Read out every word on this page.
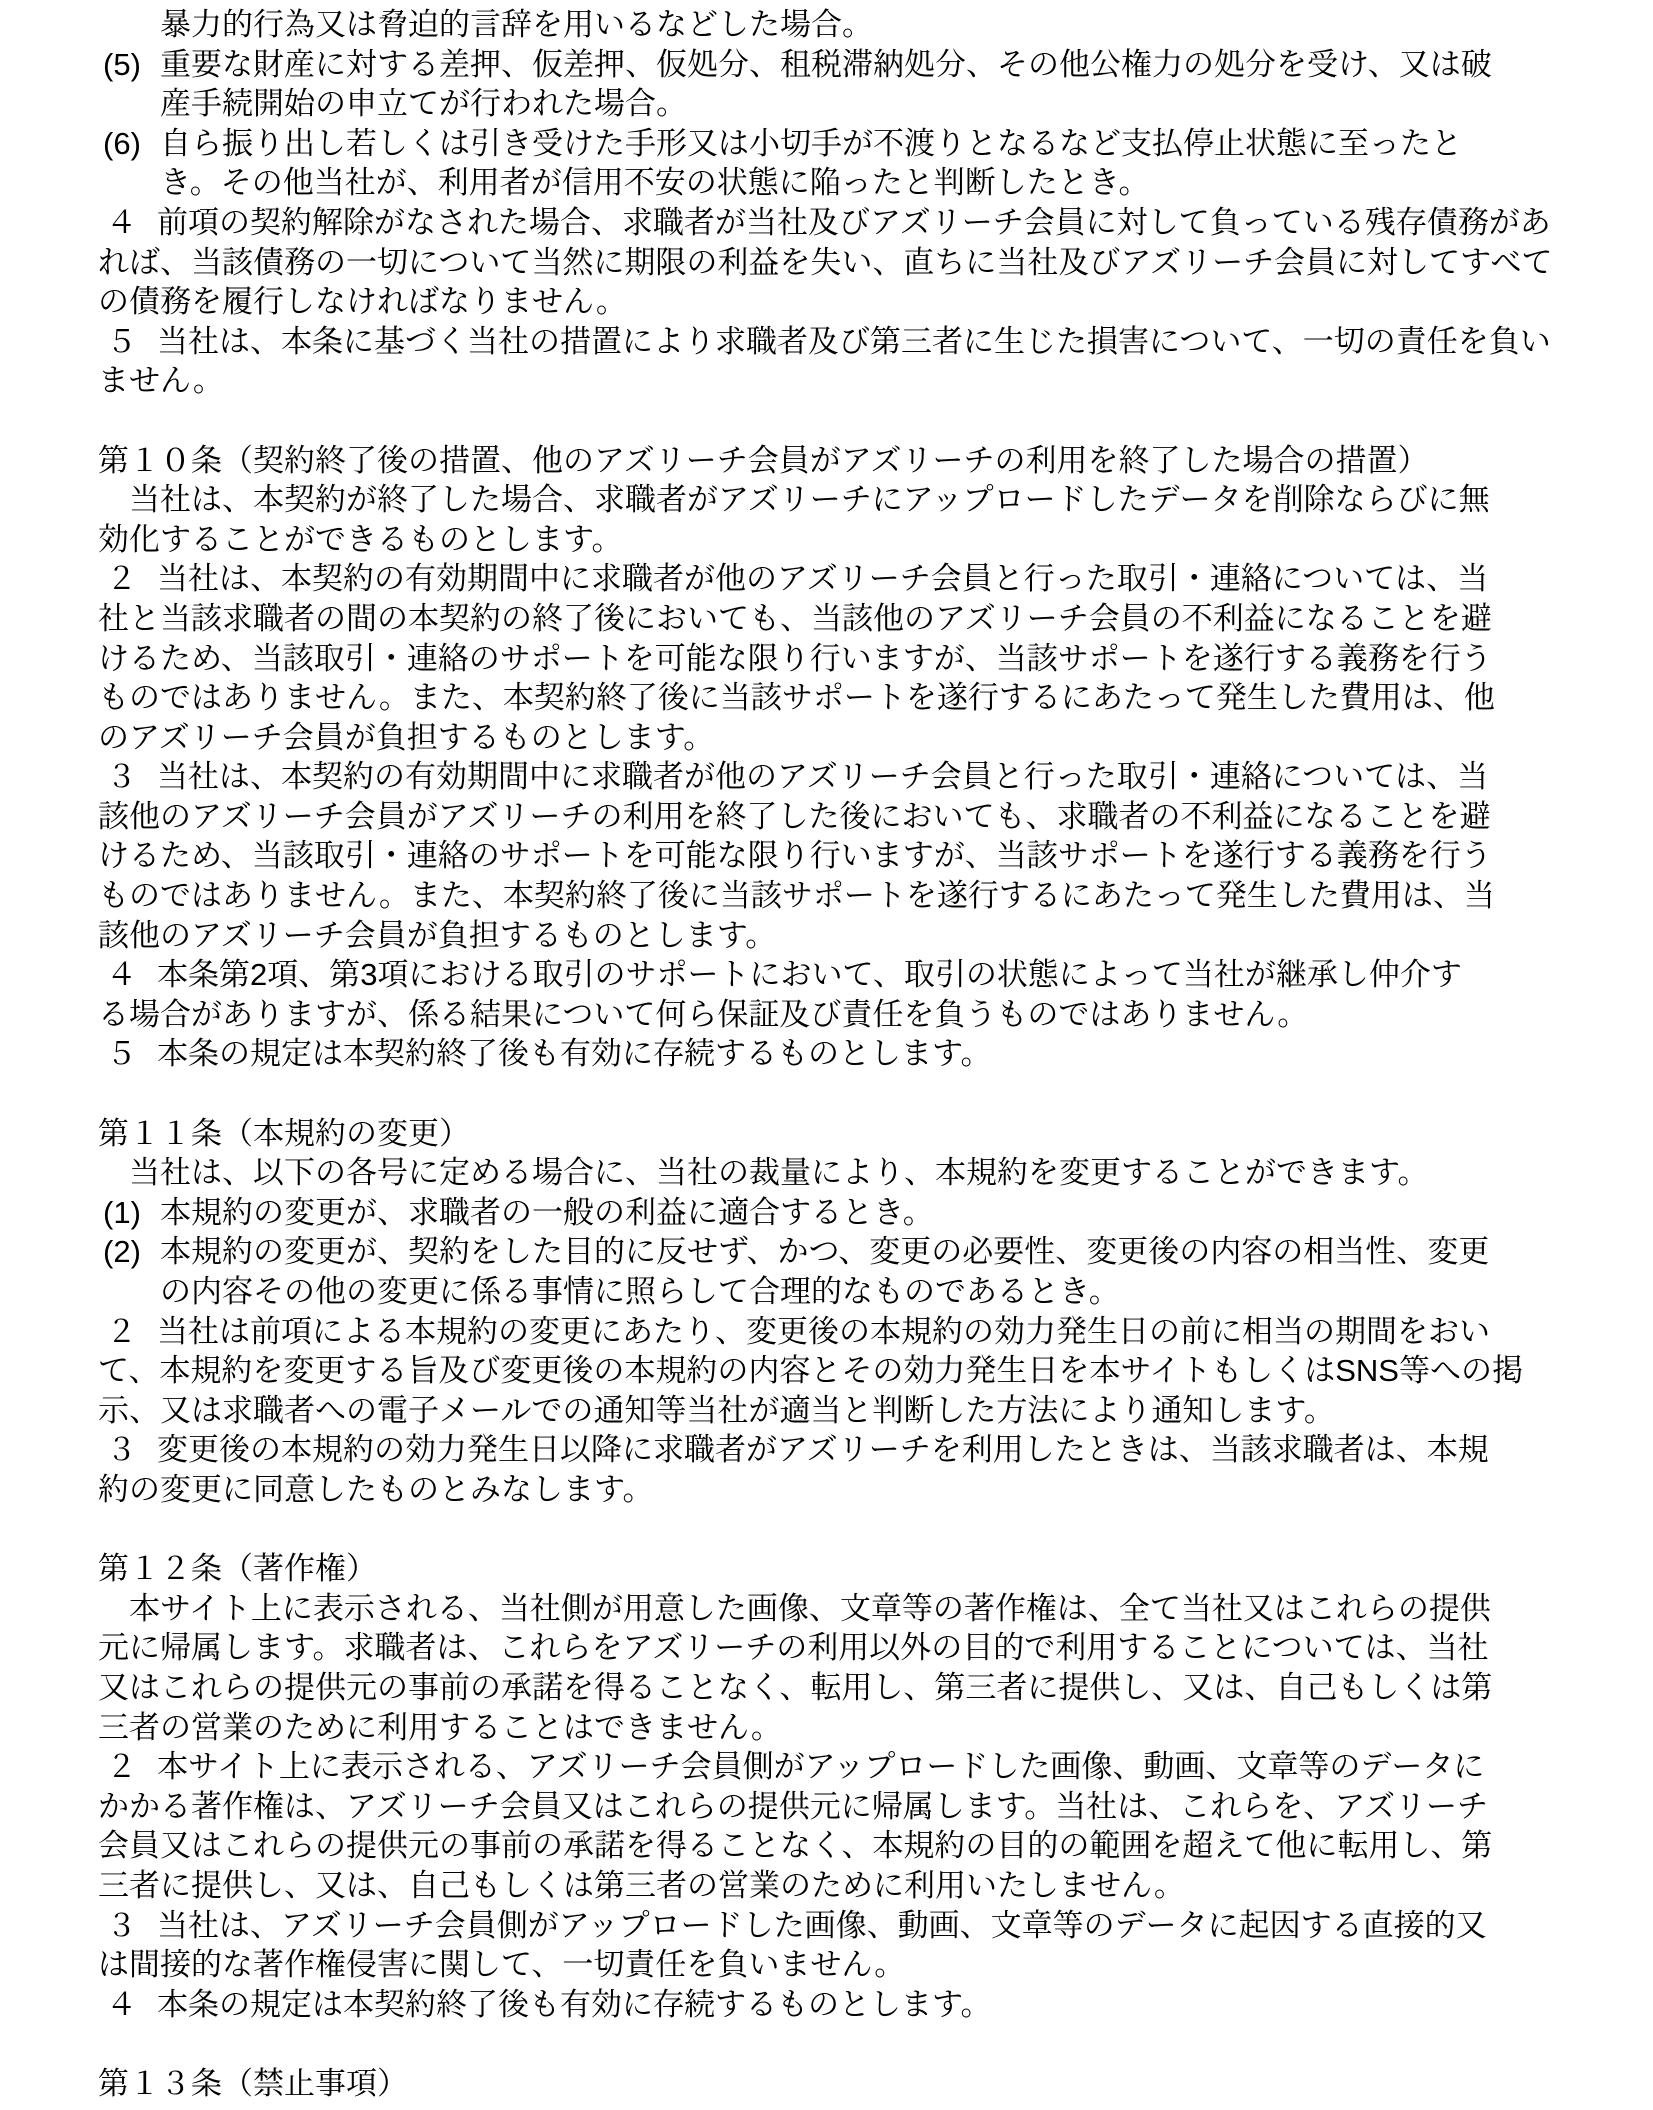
暴力的行為又は脅迫的言辞を用いるなどした場合。
(5) 重要な財産に対する差押、仮差押、仮処分、租税滞納処分、その他公権力の処分を受け、又は破
産手続開始の申立てが行われた場合。
(6) 自ら振り出し若しくは引き受けた手形又は小切手が不渡りとなるなど支払停止状態に至ったと
き。その他当社が、利用者が信用不安の状態に陥ったと判断したとき。
４ 前項の契約解除がなされた場合、求職者が当社及びアズリーチ会員に対して負っている残存債務があ
れば、当該債務の一切について当然に期限の利益を失い、直ちに当社及びアズリーチ会員に対してすべて
の債務を履行しなければなりません。
５ 当社は、本条に基づく当社の措置により求職者及び第三者に生じた損害について、一切の責任を負い
ません。
第１０条（契約終了後の措置、他のアズリーチ会員がアズリーチの利用を終了した場合の措置）
　当社は、本契約が終了した場合、求職者がアズリーチにアップロードしたデータを削除ならびに無
効化することができるものとします。
２ 当社は、本契約の有効期間中に求職者が他のアズリーチ会員と行った取引・連絡については、当
社と当該求職者の間の本契約の終了後においても、当該他のアズリーチ会員の不利益になることを避
けるため、当該取引・連絡のサポートを可能な限り行いますが、当該サポートを遂行する義務を行う
ものではありません。また、本契約終了後に当該サポートを遂行するにあたって発生した費用は、他
のアズリーチ会員が負担するものとします。
３ 当社は、本契約の有効期間中に求職者が他のアズリーチ会員と行った取引・連絡については、当
該他のアズリーチ会員がアズリーチの利用を終了した後においても、求職者の不利益になることを避
けるため、当該取引・連絡のサポートを可能な限り行いますが、当該サポートを遂行する義務を行う
ものではありません。また、本契約終了後に当該サポートを遂行するにあたって発生した費用は、当
該他のアズリーチ会員が負担するものとします。
４ 本条第2項、第3項における取引のサポートにおいて、取引の状態によって当社が継承し仲介す
る場合がありますが、係る結果について何ら保証及び責任を負うものではありません。
５ 本条の規定は本契約終了後も有効に存続するものとします。
第１１条（本規約の変更）
　当社は、以下の各号に定める場合に、当社の裁量により、本規約を変更することができます。
(1) 本規約の変更が、求職者の一般の利益に適合するとき。
(2) 本規約の変更が、契約をした目的に反せず、かつ、変更の必要性、変更後の内容の相当性、変更
の内容その他の変更に係る事情に照らして合理的なものであるとき。
２ 当社は前項による本規約の変更にあたり、変更後の本規約の効力発生日の前に相当の期間をおい
て、本規約を変更する旨及び変更後の本規約の内容とその効力発生日を本サイトもしくはSNS等への掲
示、又は求職者への電子メールでの通知等当社が適当と判断した方法により通知します。
３ 変更後の本規約の効力発生日以降に求職者がアズリーチを利用したときは、当該求職者は、本規
約の変更に同意したものとみなします。
第１２条（著作権）
　本サイト上に表示される、当社側が用意した画像、文章等の著作権は、全て当社又はこれらの提供
元に帰属します。求職者は、これらをアズリーチの利用以外の目的で利用することについては、当社
又はこれらの提供元の事前の承諾を得ることなく、転用し、第三者に提供し、又は、自己もしくは第
三者の営業のために利用することはできません。
２ 本サイト上に表示される、アズリーチ会員側がアップロードした画像、動画、文章等のデータに
かかる著作権は、アズリーチ会員又はこれらの提供元に帰属します。当社は、これらを、アズリーチ
会員又はこれらの提供元の事前の承諾を得ることなく、本規約の目的の範囲を超えて他に転用し、第
三者に提供し、又は、自己もしくは第三者の営業のために利用いたしません。
３ 当社は、アズリーチ会員側がアップロードした画像、動画、文章等のデータに起因する直接的又
は間接的な著作権侵害に関して、一切責任を負いません。
４ 本条の規定は本契約終了後も有効に存続するものとします。
第１３条（禁止事項）
